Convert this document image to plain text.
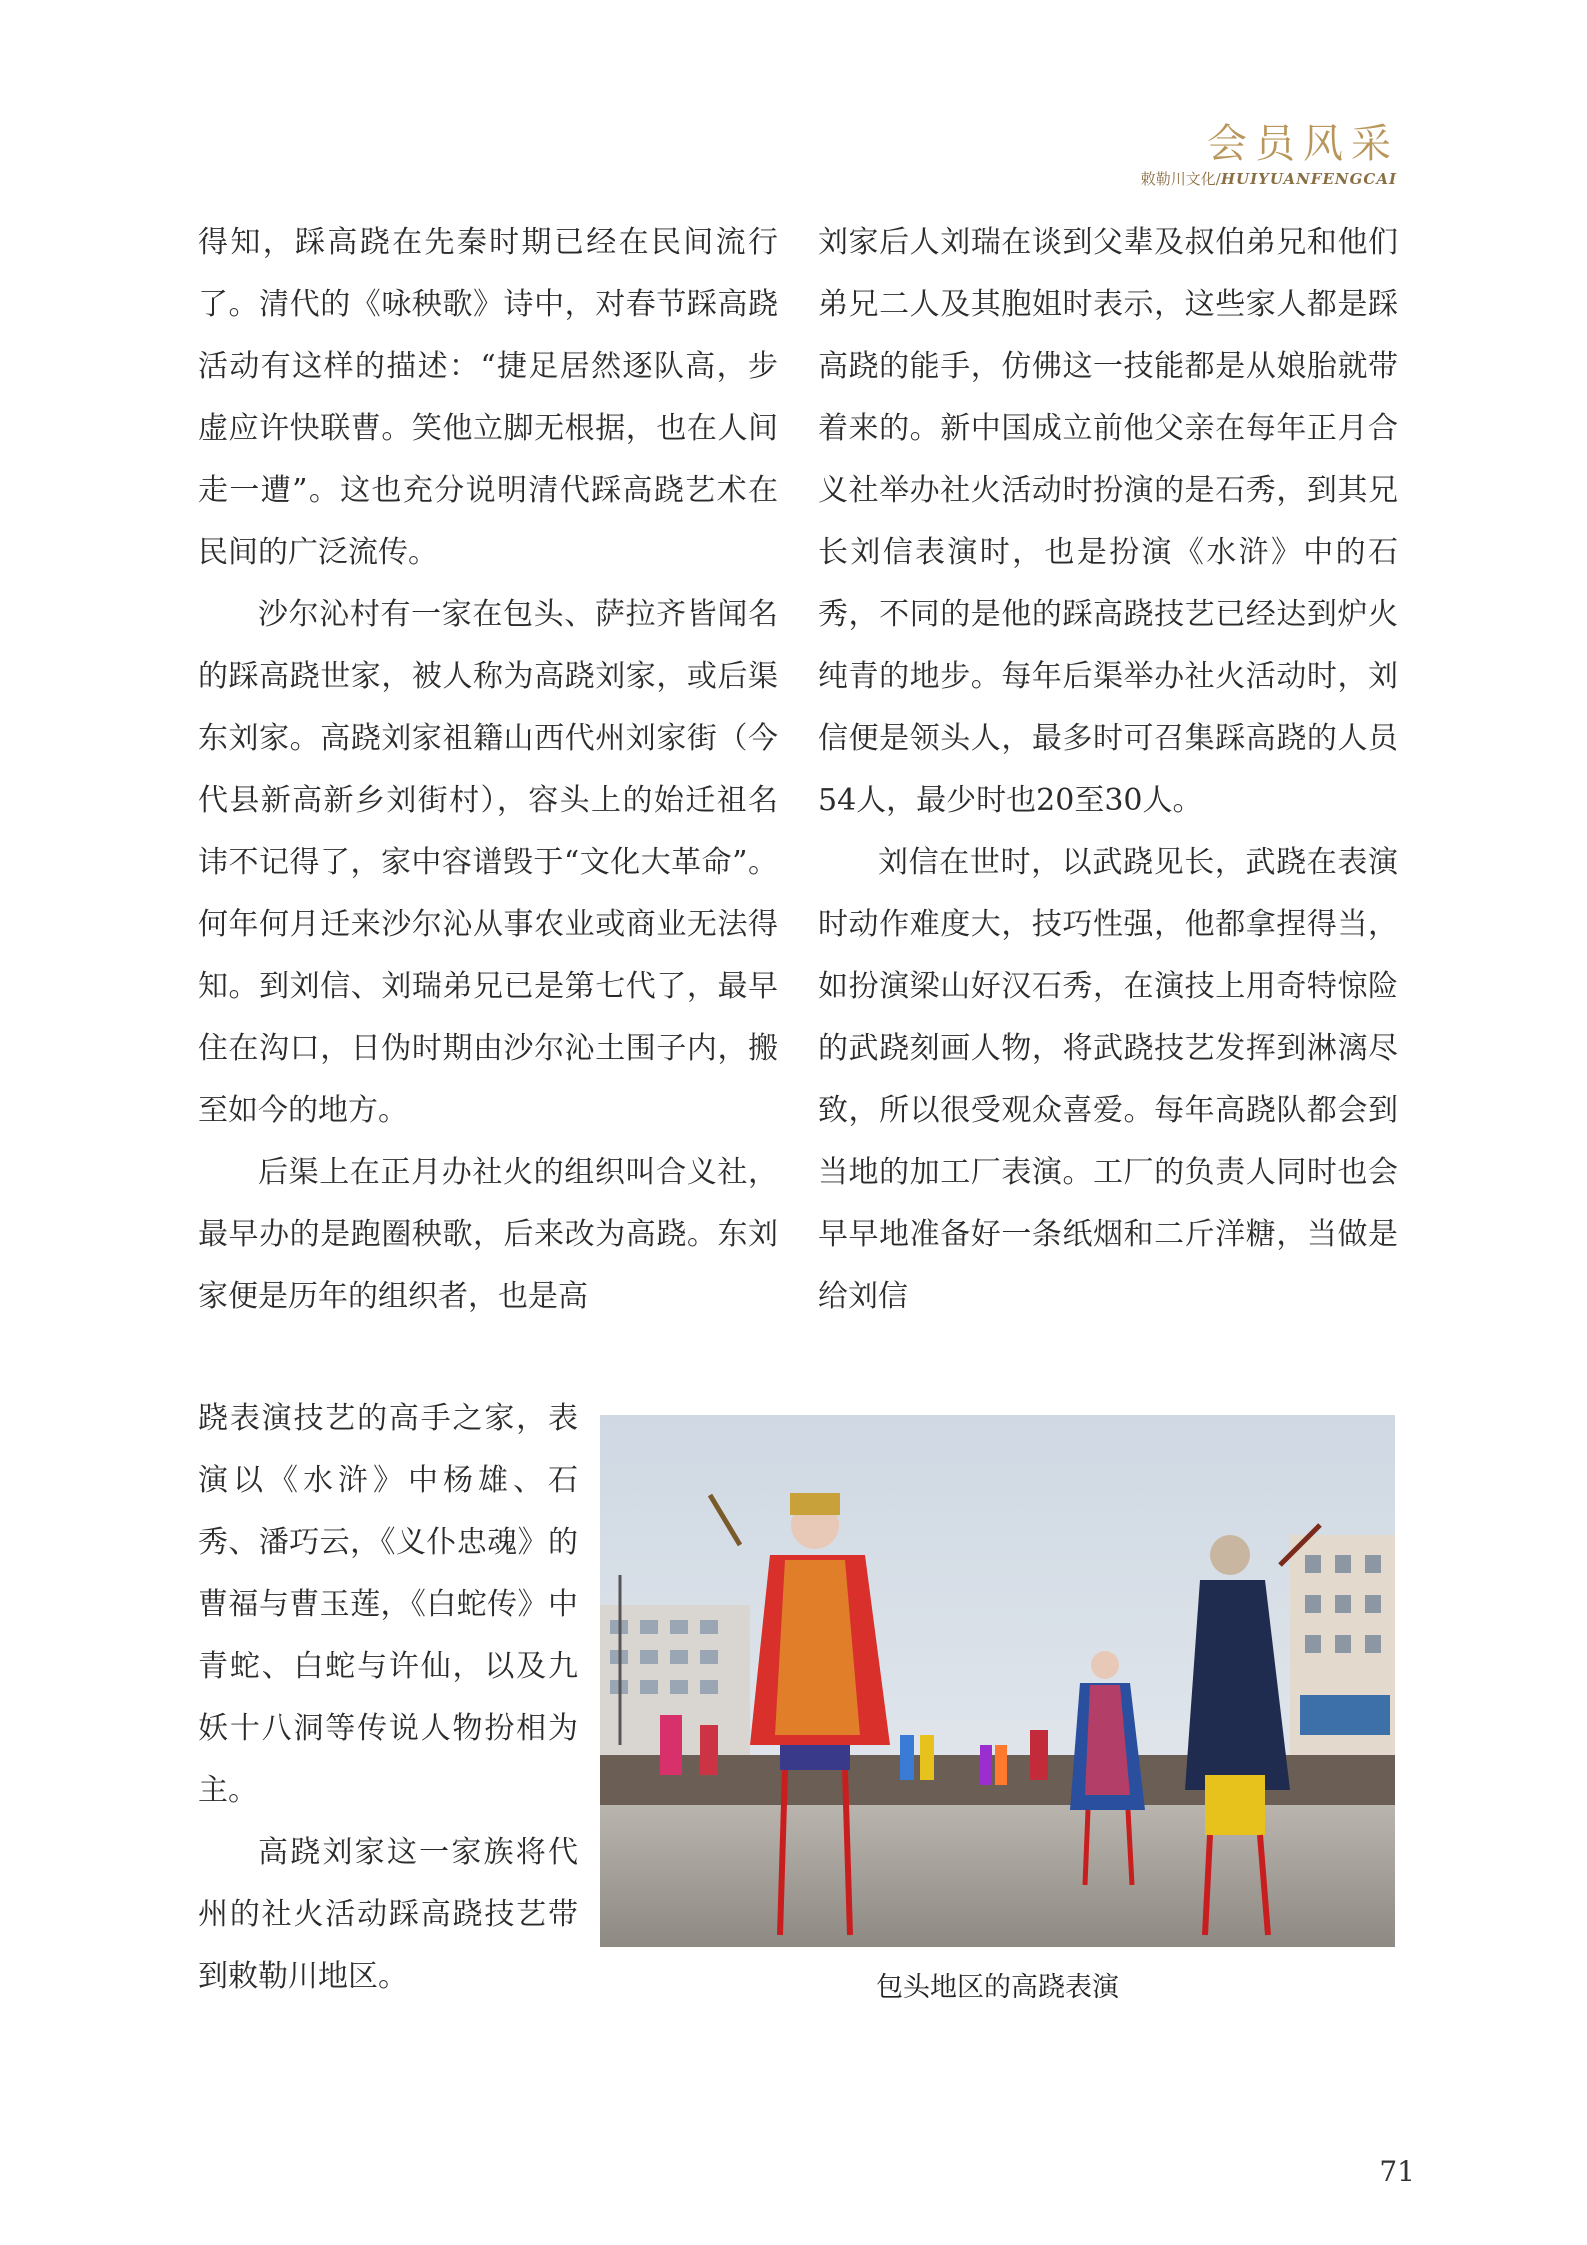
会员风采
敕勒川文化/HUIYUANFENGCAI

得知，踩高跷在先秦时期已经在民间流行了。清代的《咏秧歌》诗中，对春节踩高跷活动有这样的描述：“捷足居然逐队高，步虚应许快联曹。笑他立脚无根据，也在人间走一遭”。这也充分说明清代踩高跷艺术在民间的广泛流传。

沙尔沁村有一家在包头、萨拉齐皆闻名的踩高跷世家，被人称为高跷刘家，或后渠东刘家。高跷刘家祖籍山西代州刘家街（今代县新高新乡刘街村），容头上的始迁祖名讳不记得了，家中容谱毁于“文化大革命”。何年何月迁来沙尔沁从事农业或商业无法得知。到刘信、刘瑞弟兄已是第七代了，最早住在沟口，日伪时期由沙尔沁土围子内，搬至如今的地方。

后渠上在正月办社火的组织叫合义社，最早办的是跑圈秧歌，后来改为高跷。东刘家便是历年的组织者，也是高

跷表演技艺的高手之家，表演以《水浒》中杨雄、石秀、潘巧云，《义仆忠魂》的曹福与曹玉莲，《白蛇传》中青蛇、白蛇与许仙，以及九妖十八洞等传说人物扮相为主。

高跷刘家这一家族将代州的社火活动踩高跷技艺带到敕勒川地区。

刘家后人刘瑞在谈到父辈及叔伯弟兄和他们弟兄二人及其胞姐时表示，这些家人都是踩高跷的能手，仿佛这一技能都是从娘胎就带着来的。新中国成立前他父亲在每年正月合义社举办社火活动时扮演的是石秀，到其兄长刘信表演时，也是扮演《水浒》中的石秀，不同的是他的踩高跷技艺已经达到炉火纯青的地步。每年后渠举办社火活动时，刘信便是领头人，最多时可召集踩高跷的人员54人，最少时也20至30人。

刘信在世时，以武跷见长，武跷在表演时动作难度大，技巧性强，他都拿捏得当，如扮演梁山好汉石秀，在演技上用奇特惊险的武跷刻画人物，将武跷技艺发挥到淋漓尽致，所以很受观众喜爱。每年高跷队都会到当地的加工厂表演。工厂的负责人同时也会早早地准备好一条纸烟和二斤洋糖，当做是给刘信

包头地区的高跷表演
71
